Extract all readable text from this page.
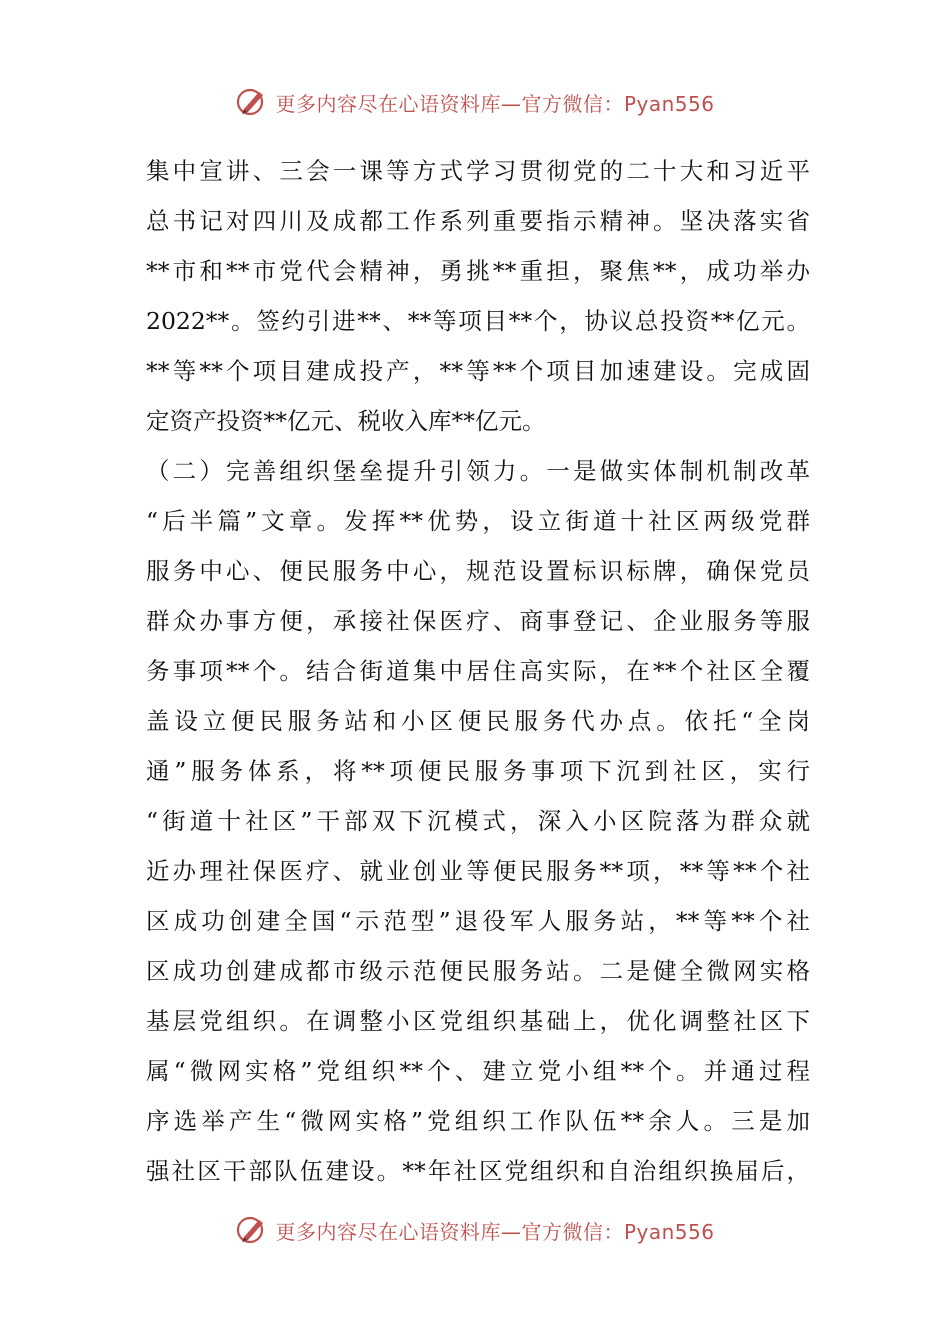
更多内容尽在心语资料库—官方微信：Pyan556
集中宣讲、三会一课等方式学习贯彻党的二十大和习近平
总书记对四川及成都工作系列重要指示精神。坚决落实省
**市和**市党代会精神，勇挑**重担，聚焦**，成功举办
2022**。签约引进**、**等项目**个，协议总投资**亿元。
**等**个项目建成投产，**等**个项目加速建设。完成固
定资产投资**亿元、税收入库**亿元。
（二）完善组织堡垒提升引领力。一是做实体制机制改革
“后半篇”文章。发挥**优势，设立街道十社区两级党群
服务中心、便民服务中心，规范设置标识标牌，确保党员
群众办事方便，承接社保医疗、商事登记、企业服务等服
务事项**个。结合街道集中居住高实际，在**个社区全覆
盖设立便民服务站和小区便民服务代办点。依托“全岗
通”服务体系，将**项便民服务事项下沉到社区，实行
“街道十社区”干部双下沉模式，深入小区院落为群众就
近办理社保医疗、就业创业等便民服务**项，**等**个社
区成功创建全国“示范型”退役军人服务站，**等**个社
区成功创建成都市级示范便民服务站。二是健全微网实格
基层党组织。在调整小区党组织基础上，优化调整社区下
属“微网实格”党组织**个、建立党小组**个。并通过程
序选举产生“微网实格”党组织工作队伍**余人。三是加
强社区干部队伍建设。**年社区党组织和自治组织换届后，
更多内容尽在心语资料库—官方微信：Pyan556
